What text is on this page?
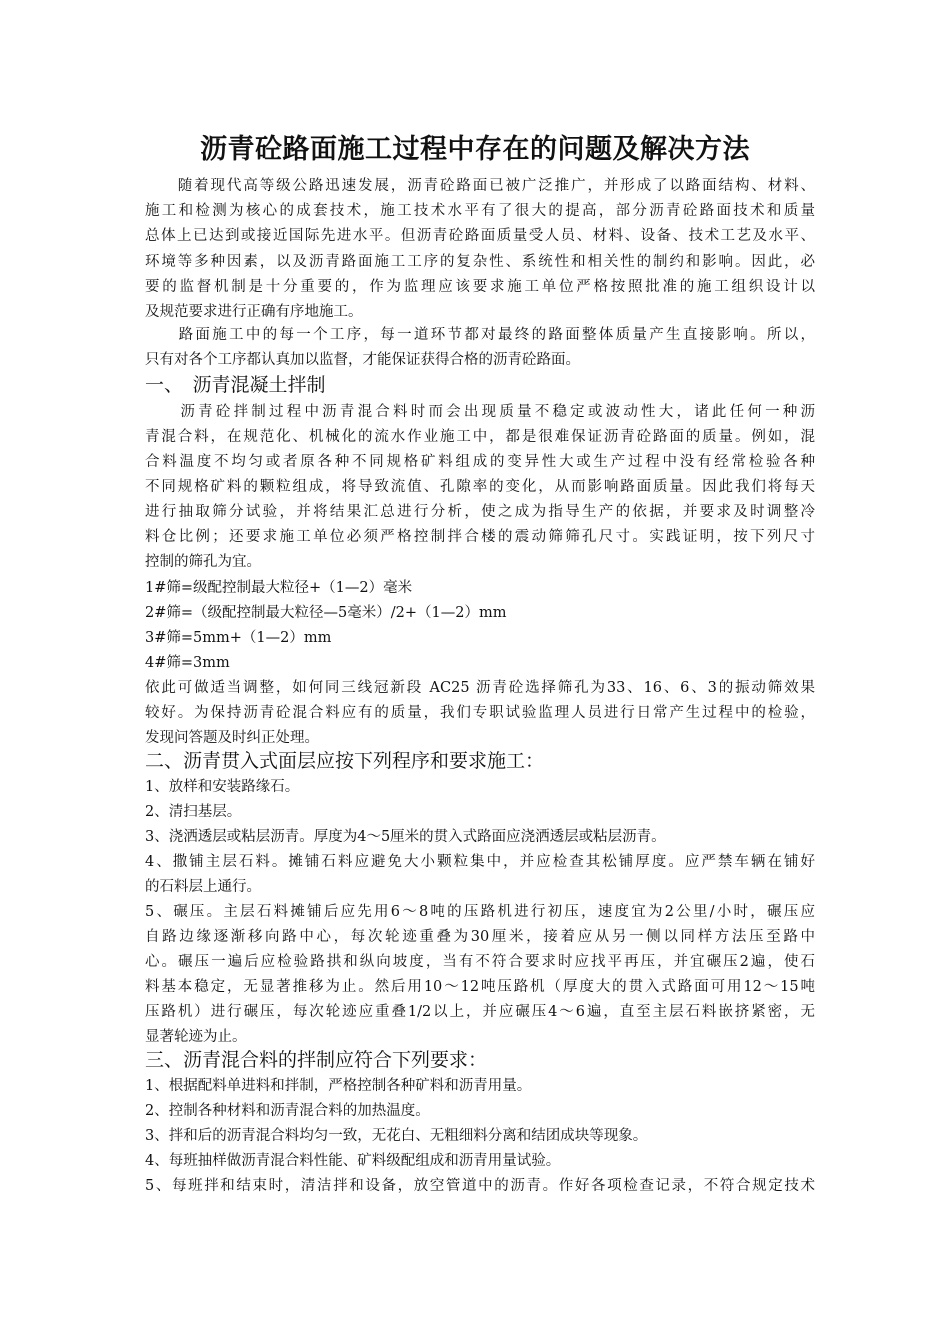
沥青砼路面施工过程中存在的问题及解决方法
　　随着现代高等级公路迅速发展，沥青砼路面已被广泛推广，并形成了以路面结构、材料、
施工和检测为核心的成套技术，施工技术水平有了很大的提高，部分沥青砼路面技术和质量
总体上已达到或接近国际先进水平。但沥青砼路面质量受人员、材料、设备、技术工艺及水平、
环境等多种因素，以及沥青路面施工工序的复杂性、系统性和相关性的制约和影响。因此，必
要的监督机制是十分重要的，作为监理应该要求施工单位严格按照批准的施工组织设计以
及规范要求进行正确有序地施工。
　　路面施工中的每一个工序，每一道环节都对最终的路面整体质量产生直接影响。所以，
只有对各个工序都认真加以监督，才能保证获得合格的沥青砼路面。
一、　沥青混凝土拌制
　　沥青砼拌制过程中沥青混合料时而会出现质量不稳定或波动性大，诸此任何一种沥
青混合料，在规范化、机械化的流水作业施工中，都是很难保证沥青砼路面的质量。例如，混
合料温度不均匀或者原各种不同规格矿料组成的变异性大或生产过程中没有经常检验各种
不同规格矿料的颗粒组成，将导致流值、孔隙率的变化，从而影响路面质量。因此我们将每天
进行抽取筛分试验，并将结果汇总进行分析，使之成为指导生产的依据，并要求及时调整冷
料仓比例；还要求施工单位必须严格控制拌合楼的震动筛筛孔尺寸。实践证明，按下列尺寸
控制的筛孔为宜。
1#筛=级配控制最大粒径+（1—2）毫米
2#筛=（级配控制最大粒径—5毫米）/2+（1—2）mm
3#筛=5mm+（1—2）mm
4#筛=3mm
依此可做适当调整，如何同三线冠新段 AC25 沥青砼选择筛孔为33、16、6、3的振动筛效果
较好。为保持沥青砼混合料应有的质量，我们专职试验监理人员进行日常产生过程中的检验，
发现问答题及时纠正处理。
二、沥青贯入式面层应按下列程序和要求施工：
1、放样和安装路缘石。
2、清扫基层。
3、浇洒透层或粘层沥青。厚度为4～5厘米的贯入式路面应浇洒透层或粘层沥青。
4、撒铺主层石料。摊铺石料应避免大小颗粒集中，并应检查其松铺厚度。应严禁车辆在铺好
的石料层上通行。
5、碾压。主层石料摊铺后应先用6～8吨的压路机进行初压，速度宜为2公里/小时，碾压应
自路边缘逐渐移向路中心，每次轮迹重叠为30厘米，接着应从另一侧以同样方法压至路中
心。碾压一遍后应检验路拱和纵向坡度，当有不符合要求时应找平再压，并宜碾压2遍，使石
料基本稳定，无显著推移为止。然后用10～12吨压路机（厚度大的贯入式路面可用12～15吨
压路机）进行碾压，每次轮迹应重叠1/2以上，并应碾压4～6遍，直至主层石料嵌挤紧密，无
显著轮迹为止。
三、沥青混合料的拌制应符合下列要求：
1、根据配料单进料和拌制，严格控制各种矿料和沥青用量。
2、控制各种材料和沥青混合料的加热温度。
3、拌和后的沥青混合料均匀一致，无花白、无粗细料分离和结团成块等现象。
4、每班抽样做沥青混合料性能、矿料级配组成和沥青用量试验。
5、每班拌和结束时，清洁拌和设备，放空管道中的沥青。作好各项检查记录，不符合规定技术
